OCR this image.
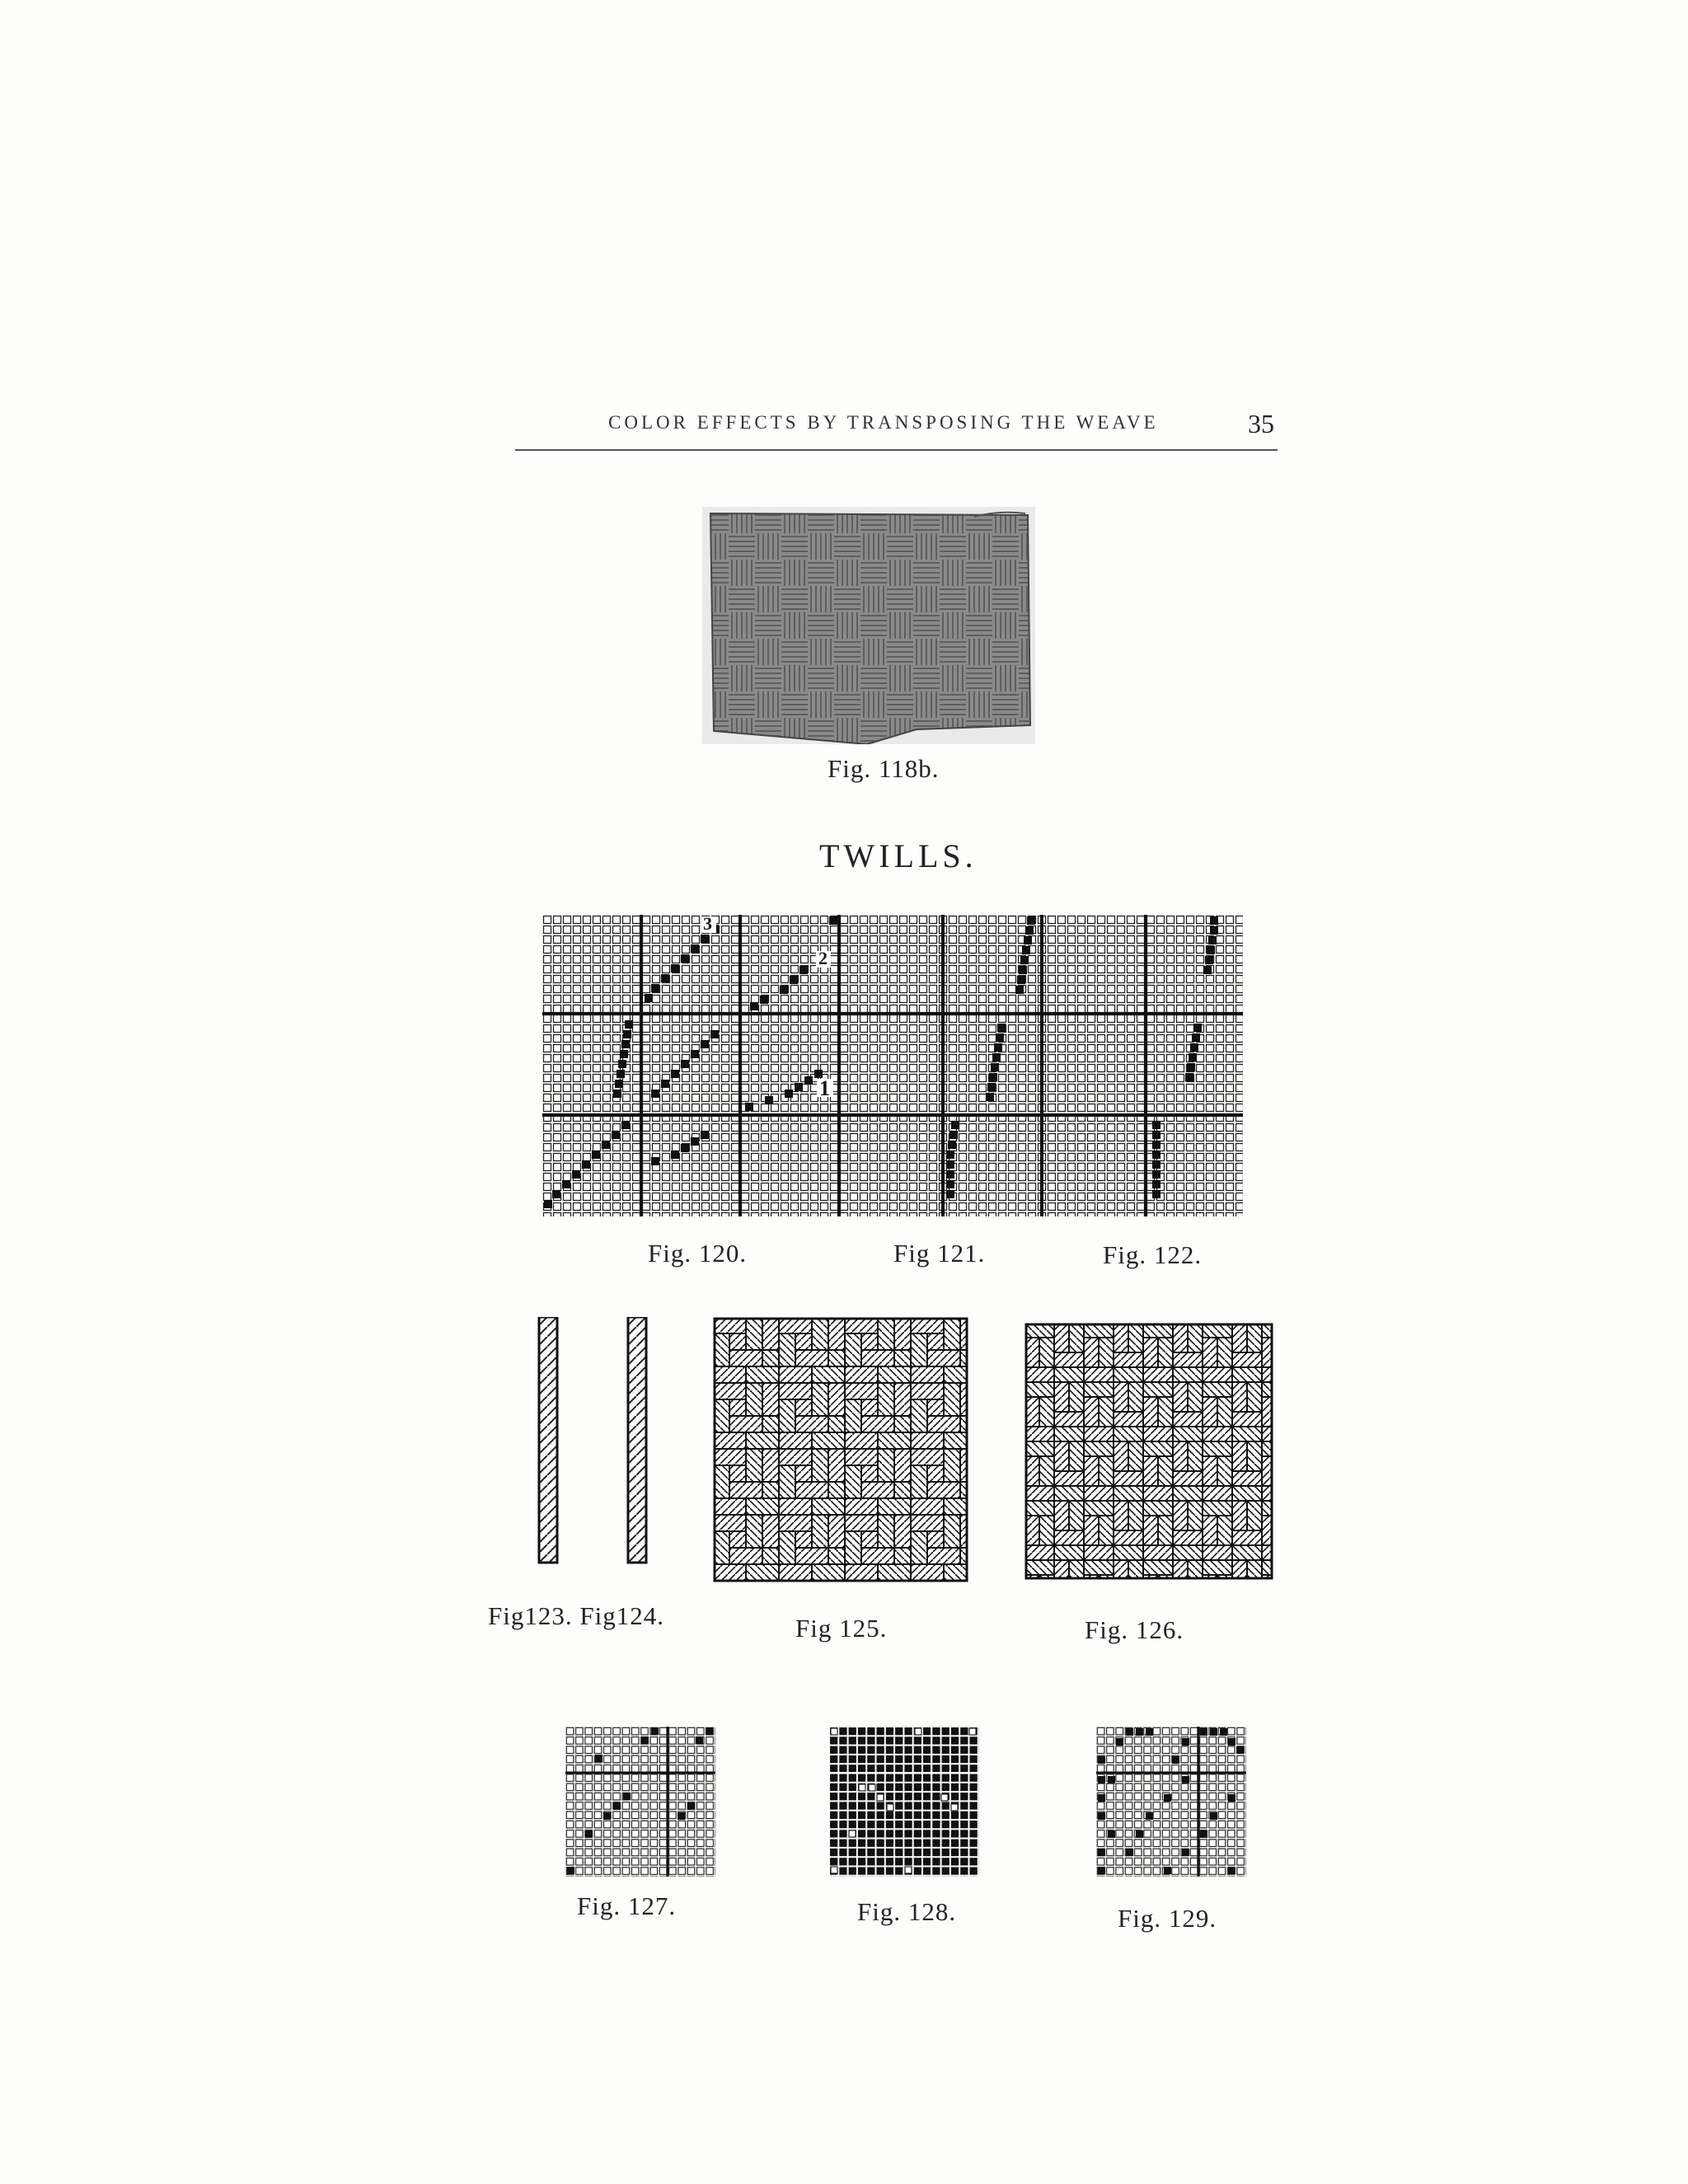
COLOR EFFECTS BY TRANSPOSING THE WEAVE	35
Fig. 118b.
TWILLS.
3
2
1
Fig. 120.	Fig 121.	Fig. 122.
Fig123. Fig124.	Fig 125.	Fig. 126.
Fig. 127.	Fig. 128.	Fig. 129.
